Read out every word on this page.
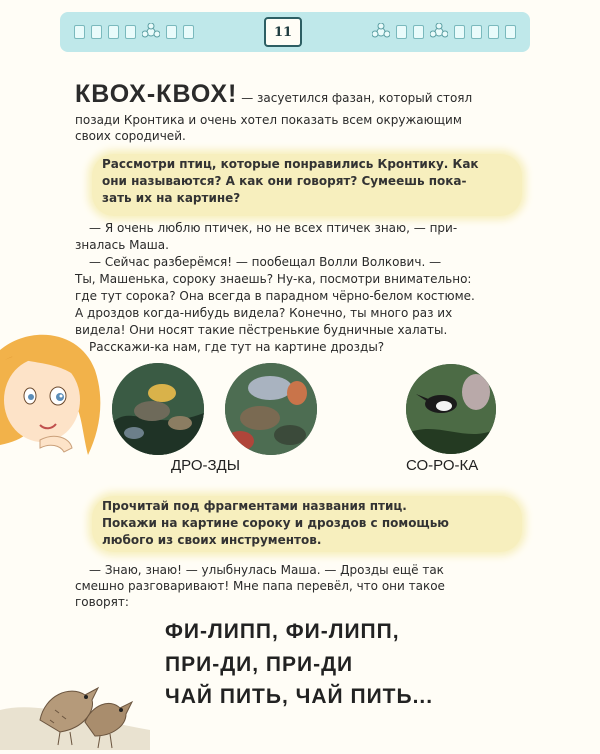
11
КВОХ-КВОХ! — засуетился фазан, который стоял
позади Кронтика и очень хотел показать всем окружающим
своих сородичей.

Рассмотри птиц, которые понравились Кронтику. Как

они называются? А как они говорят? Сумеешь пока-

зать их на картине?

— Я очень люблю птичек, но не всех птичек знаю, — при-
зналась Маша.
— Сейчас разберёмся! — пообещал Волли Волкович. —
Ты, Машенька, сороку знаешь? Ну-ка, посмотри внимательно:
где тут сорока? Она всегда в парадном чёрно-белом костюме.
А дроздов когда-нибудь видела? Конечно, ты много раз их
видела! Они носят такие пёстренькие будничные халаты.
Расскажи-ка нам, где тут на картине дрозды?
ДРО-ЗДЫ	СО-РО-КА

Прочитай под фрагментами названия птиц.

Покажи на картине сороку и дроздов с помощью

любого из своих инструментов.

— Знаю, знаю! — улыбнулась Маша. — Дрозды ещё так
смешно разговаривают! Мне папа перевёл, что они такое
говорят:
ФИ-ЛИПП, ФИ-ЛИПП,
ПРИ-ДИ, ПРИ-ДИ
ЧАЙ ПИТЬ, ЧАЙ ПИТЬ...
